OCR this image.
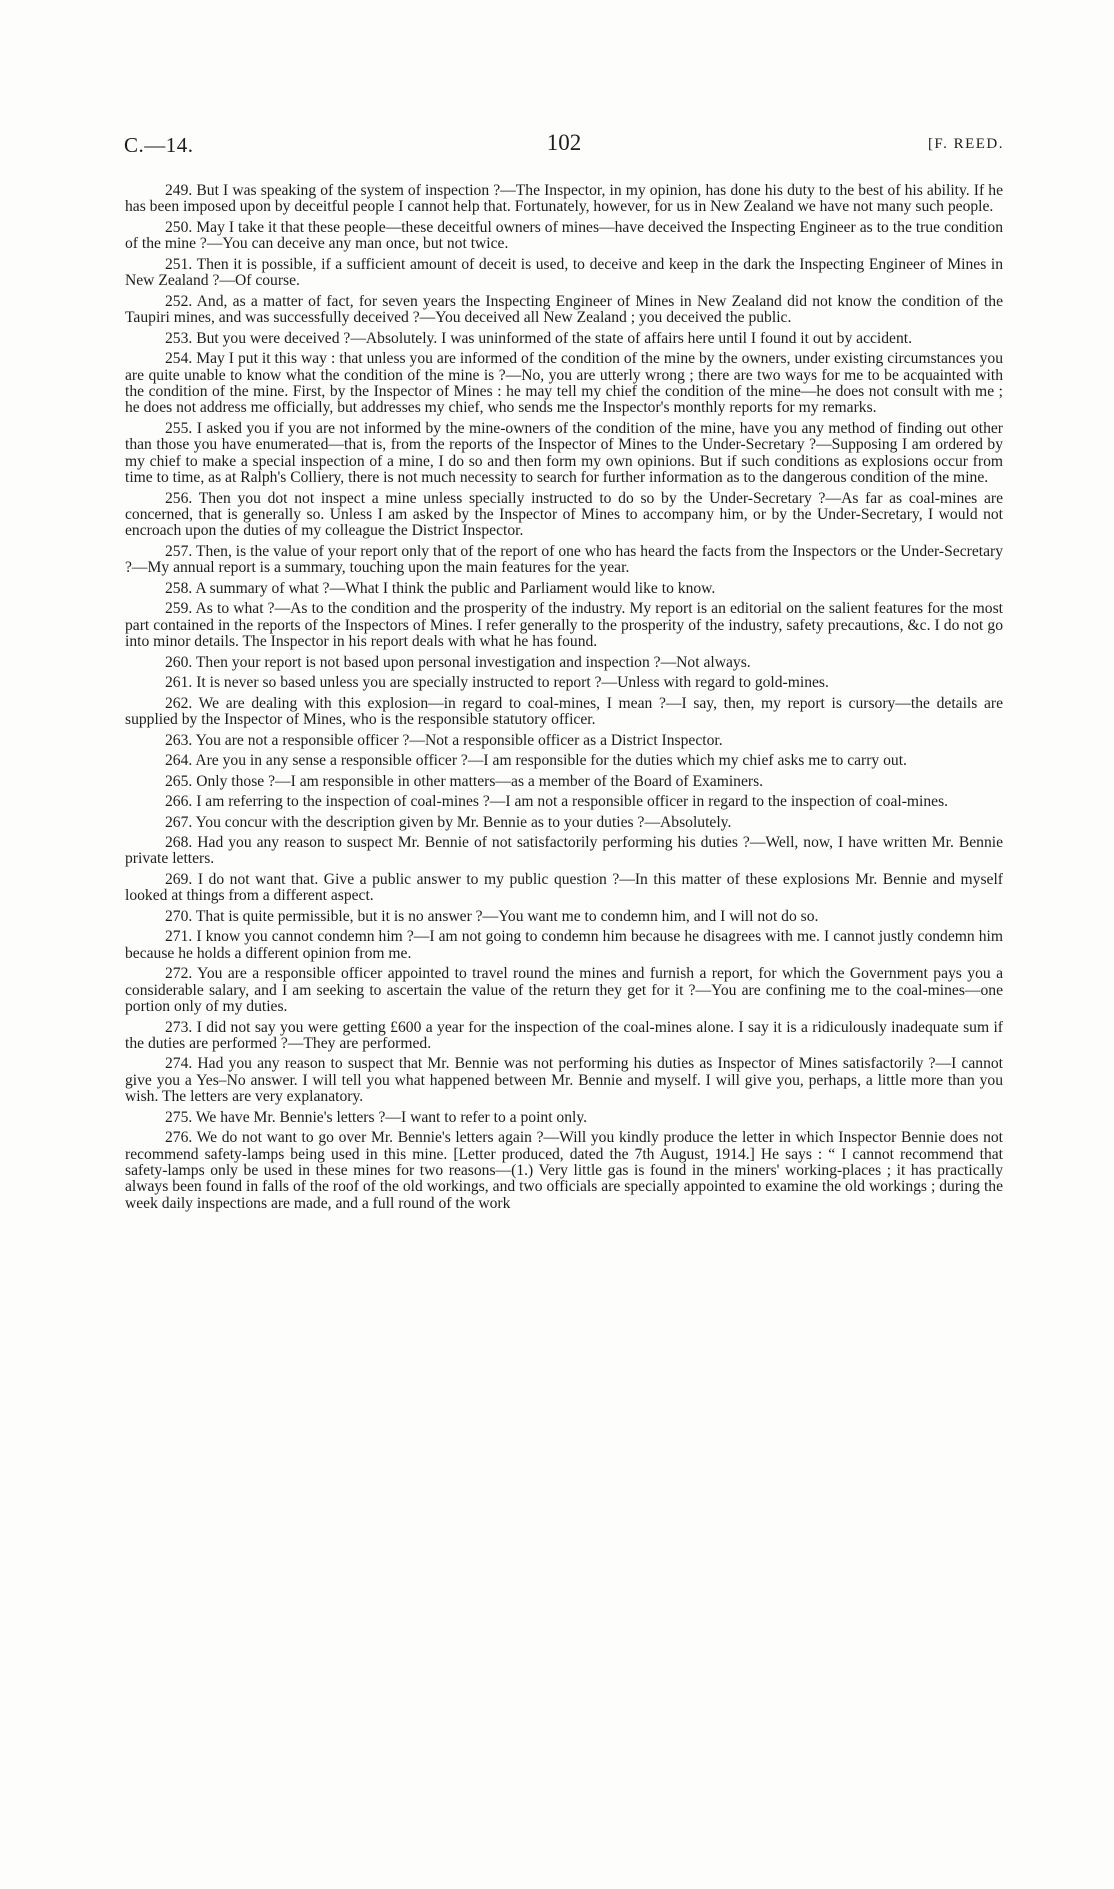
C.—14.	102	[F. REED.

249. But I was speaking of the system of inspection ?—The Inspector, in my opinion, has done his duty to the best of his ability. If he has been imposed upon by deceitful people I cannot help that. Fortunately, however, for us in New Zealand we have not many such people.

250. May I take it that these people—these deceitful owners of mines—have deceived the Inspecting Engineer as to the true condition of the mine ?—You can deceive any man once, but not twice.

251. Then it is possible, if a sufficient amount of deceit is used, to deceive and keep in the dark the Inspecting Engineer of Mines in New Zealand ?—Of course.

252. And, as a matter of fact, for seven years the Inspecting Engineer of Mines in New Zealand did not know the condition of the Taupiri mines, and was successfully deceived ?—You deceived all New Zealand ; you deceived the public.

253. But you were deceived ?—Absolutely. I was uninformed of the state of affairs here until I found it out by accident.

254. May I put it this way : that unless you are informed of the condition of the mine by the owners, under existing circumstances you are quite unable to know what the condition of the mine is ?—No, you are utterly wrong ; there are two ways for me to be acquainted with the condition of the mine. First, by the Inspector of Mines : he may tell my chief the condition of the mine—he does not consult with me ; he does not address me officially, but addresses my chief, who sends me the Inspector's monthly reports for my remarks.

255. I asked you if you are not informed by the mine-owners of the condition of the mine, have you any method of finding out other than those you have enumerated—that is, from the reports of the Inspector of Mines to the Under-Secretary ?—Supposing I am ordered by my chief to make a special inspection of a mine, I do so and then form my own opinions. But if such conditions as explosions occur from time to time, as at Ralph's Colliery, there is not much necessity to search for further information as to the dangerous condition of the mine.

256. Then you dot not inspect a mine unless specially instructed to do so by the Under-Secretary ?—As far as coal-mines are concerned, that is generally so. Unless I am asked by the Inspector of Mines to accompany him, or by the Under-Secretary, I would not encroach upon the duties of my colleague the District Inspector.

257. Then, is the value of your report only that of the report of one who has heard the facts from the Inspectors or the Under-Secretary ?—My annual report is a summary, touching upon the main features for the year.

258. A summary of what ?—What I think the public and Parliament would like to know.

259. As to what ?—As to the condition and the prosperity of the industry. My report is an editorial on the salient features for the most part contained in the reports of the Inspectors of Mines. I refer generally to the prosperity of the industry, safety precautions, &c. I do not go into minor details. The Inspector in his report deals with what he has found.

260. Then your report is not based upon personal investigation and inspection ?—Not always.

261. It is never so based unless you are specially instructed to report ?—Unless with regard to gold-mines.

262. We are dealing with this explosion—in regard to coal-mines, I mean ?—I say, then, my report is cursory—the details are supplied by the Inspector of Mines, who is the responsible statutory officer.

263. You are not a responsible officer ?—Not a responsible officer as a District Inspector.

264. Are you in any sense a responsible officer ?—I am responsible for the duties which my chief asks me to carry out.

265. Only those ?—I am responsible in other matters—as a member of the Board of Examiners.

266. I am referring to the inspection of coal-mines ?—I am not a responsible officer in regard to the inspection of coal-mines.

267. You concur with the description given by Mr. Bennie as to your duties ?—Absolutely.

268. Had you any reason to suspect Mr. Bennie of not satisfactorily performing his duties ?—Well, now, I have written Mr. Bennie private letters.

269. I do not want that. Give a public answer to my public question ?—In this matter of these explosions Mr. Bennie and myself looked at things from a different aspect.

270. That is quite permissible, but it is no answer ?—You want me to condemn him, and I will not do so.

271. I know you cannot condemn him ?—I am not going to condemn him because he disagrees with me. I cannot justly condemn him because he holds a different opinion from me.

272. You are a responsible officer appointed to travel round the mines and furnish a report, for which the Government pays you a considerable salary, and I am seeking to ascertain the value of the return they get for it ?—You are confining me to the coal-mines—one portion only of my duties.

273. I did not say you were getting £600 a year for the inspection of the coal-mines alone. I say it is a ridiculously inadequate sum if the duties are performed ?—They are performed.

274. Had you any reason to suspect that Mr. Bennie was not performing his duties as Inspector of Mines satisfactorily ?—I cannot give you a Yes–No answer. I will tell you what happened between Mr. Bennie and myself. I will give you, perhaps, a little more than you wish. The letters are very explanatory.

275. We have Mr. Bennie's letters ?—I want to refer to a point only.

276. We do not want to go over Mr. Bennie's letters again ?—Will you kindly produce the letter in which Inspector Bennie does not recommend safety-lamps being used in this mine. [Letter produced, dated the 7th August, 1914.] He says : “ I cannot recommend that safety-lamps only be used in these mines for two reasons—(1.) Very little gas is found in the miners' working-places ; it has practically always been found in falls of the roof of the old workings, and two officials are specially appointed to examine the old workings ; during the week daily inspections are made, and a full round of the work
